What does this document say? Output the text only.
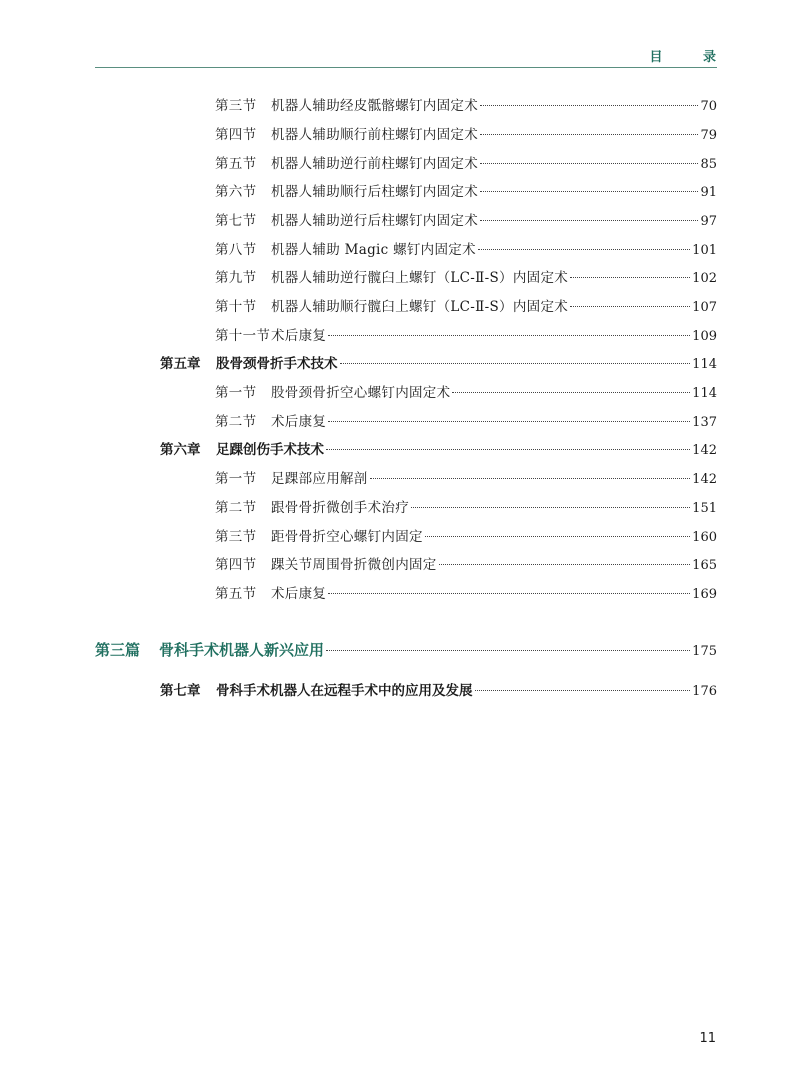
目 录
第三节 机器人辅助经皮骶髂螺钉内固定术	70
第四节 机器人辅助顺行前柱螺钉内固定术	79
第五节 机器人辅助逆行前柱螺钉内固定术	85
第六节 机器人辅助顺行后柱螺钉内固定术	91
第七节 机器人辅助逆行后柱螺钉内固定术	97
第八节 机器人辅助 Magic 螺钉内固定术	101
第九节 机器人辅助逆行髋臼上螺钉（LC-Ⅱ-S）内固定术	102
第十节 机器人辅助顺行髋臼上螺钉（LC-Ⅱ-S）内固定术	107
第十一节术后康复	109
第五章 股骨颈骨折手术技术	114
第一节 股骨颈骨折空心螺钉内固定术	114
第二节 术后康复	137
第六章 足踝创伤手术技术	142
第一节 足踝部应用解剖	142
第二节 跟骨骨折微创手术治疗	151
第三节 距骨骨折空心螺钉内固定	160
第四节 踝关节周围骨折微创内固定	165
第五节 术后康复	169
第三篇 骨科手术机器人新兴应用	175
第七章 骨科手术机器人在远程手术中的应用及发展	176
11
